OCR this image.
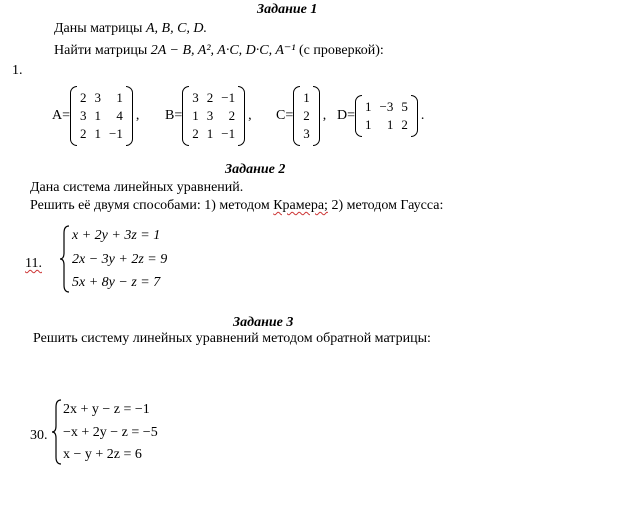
Задание 1
Даны матрицы A, B, C, D.
Найти матрицы 2A − B, A², A·C, D·C, A⁻¹ (с проверкой):
1.
A=
2 3	1
3 1	4
2 1 −1
, B=
3 2 −1
1 3	2
2 1 −1
, C=
1
2
3
, D=
1 −3 5
1	1 2
.
Задание 2
Дана система линейных уравнений.
Решить её двумя способами: 1) методом Крамера; 2) методом Гаусса:
11.
x + 2y + 3z = 1
2x − 3y + 2z = 9
5x + 8y − z = 7
Задание 3
Решить систему линейных уравнений методом обратной матрицы:
30.
2x + y − z = −1
−x + 2y − z = −5
x − y + 2z = 6
